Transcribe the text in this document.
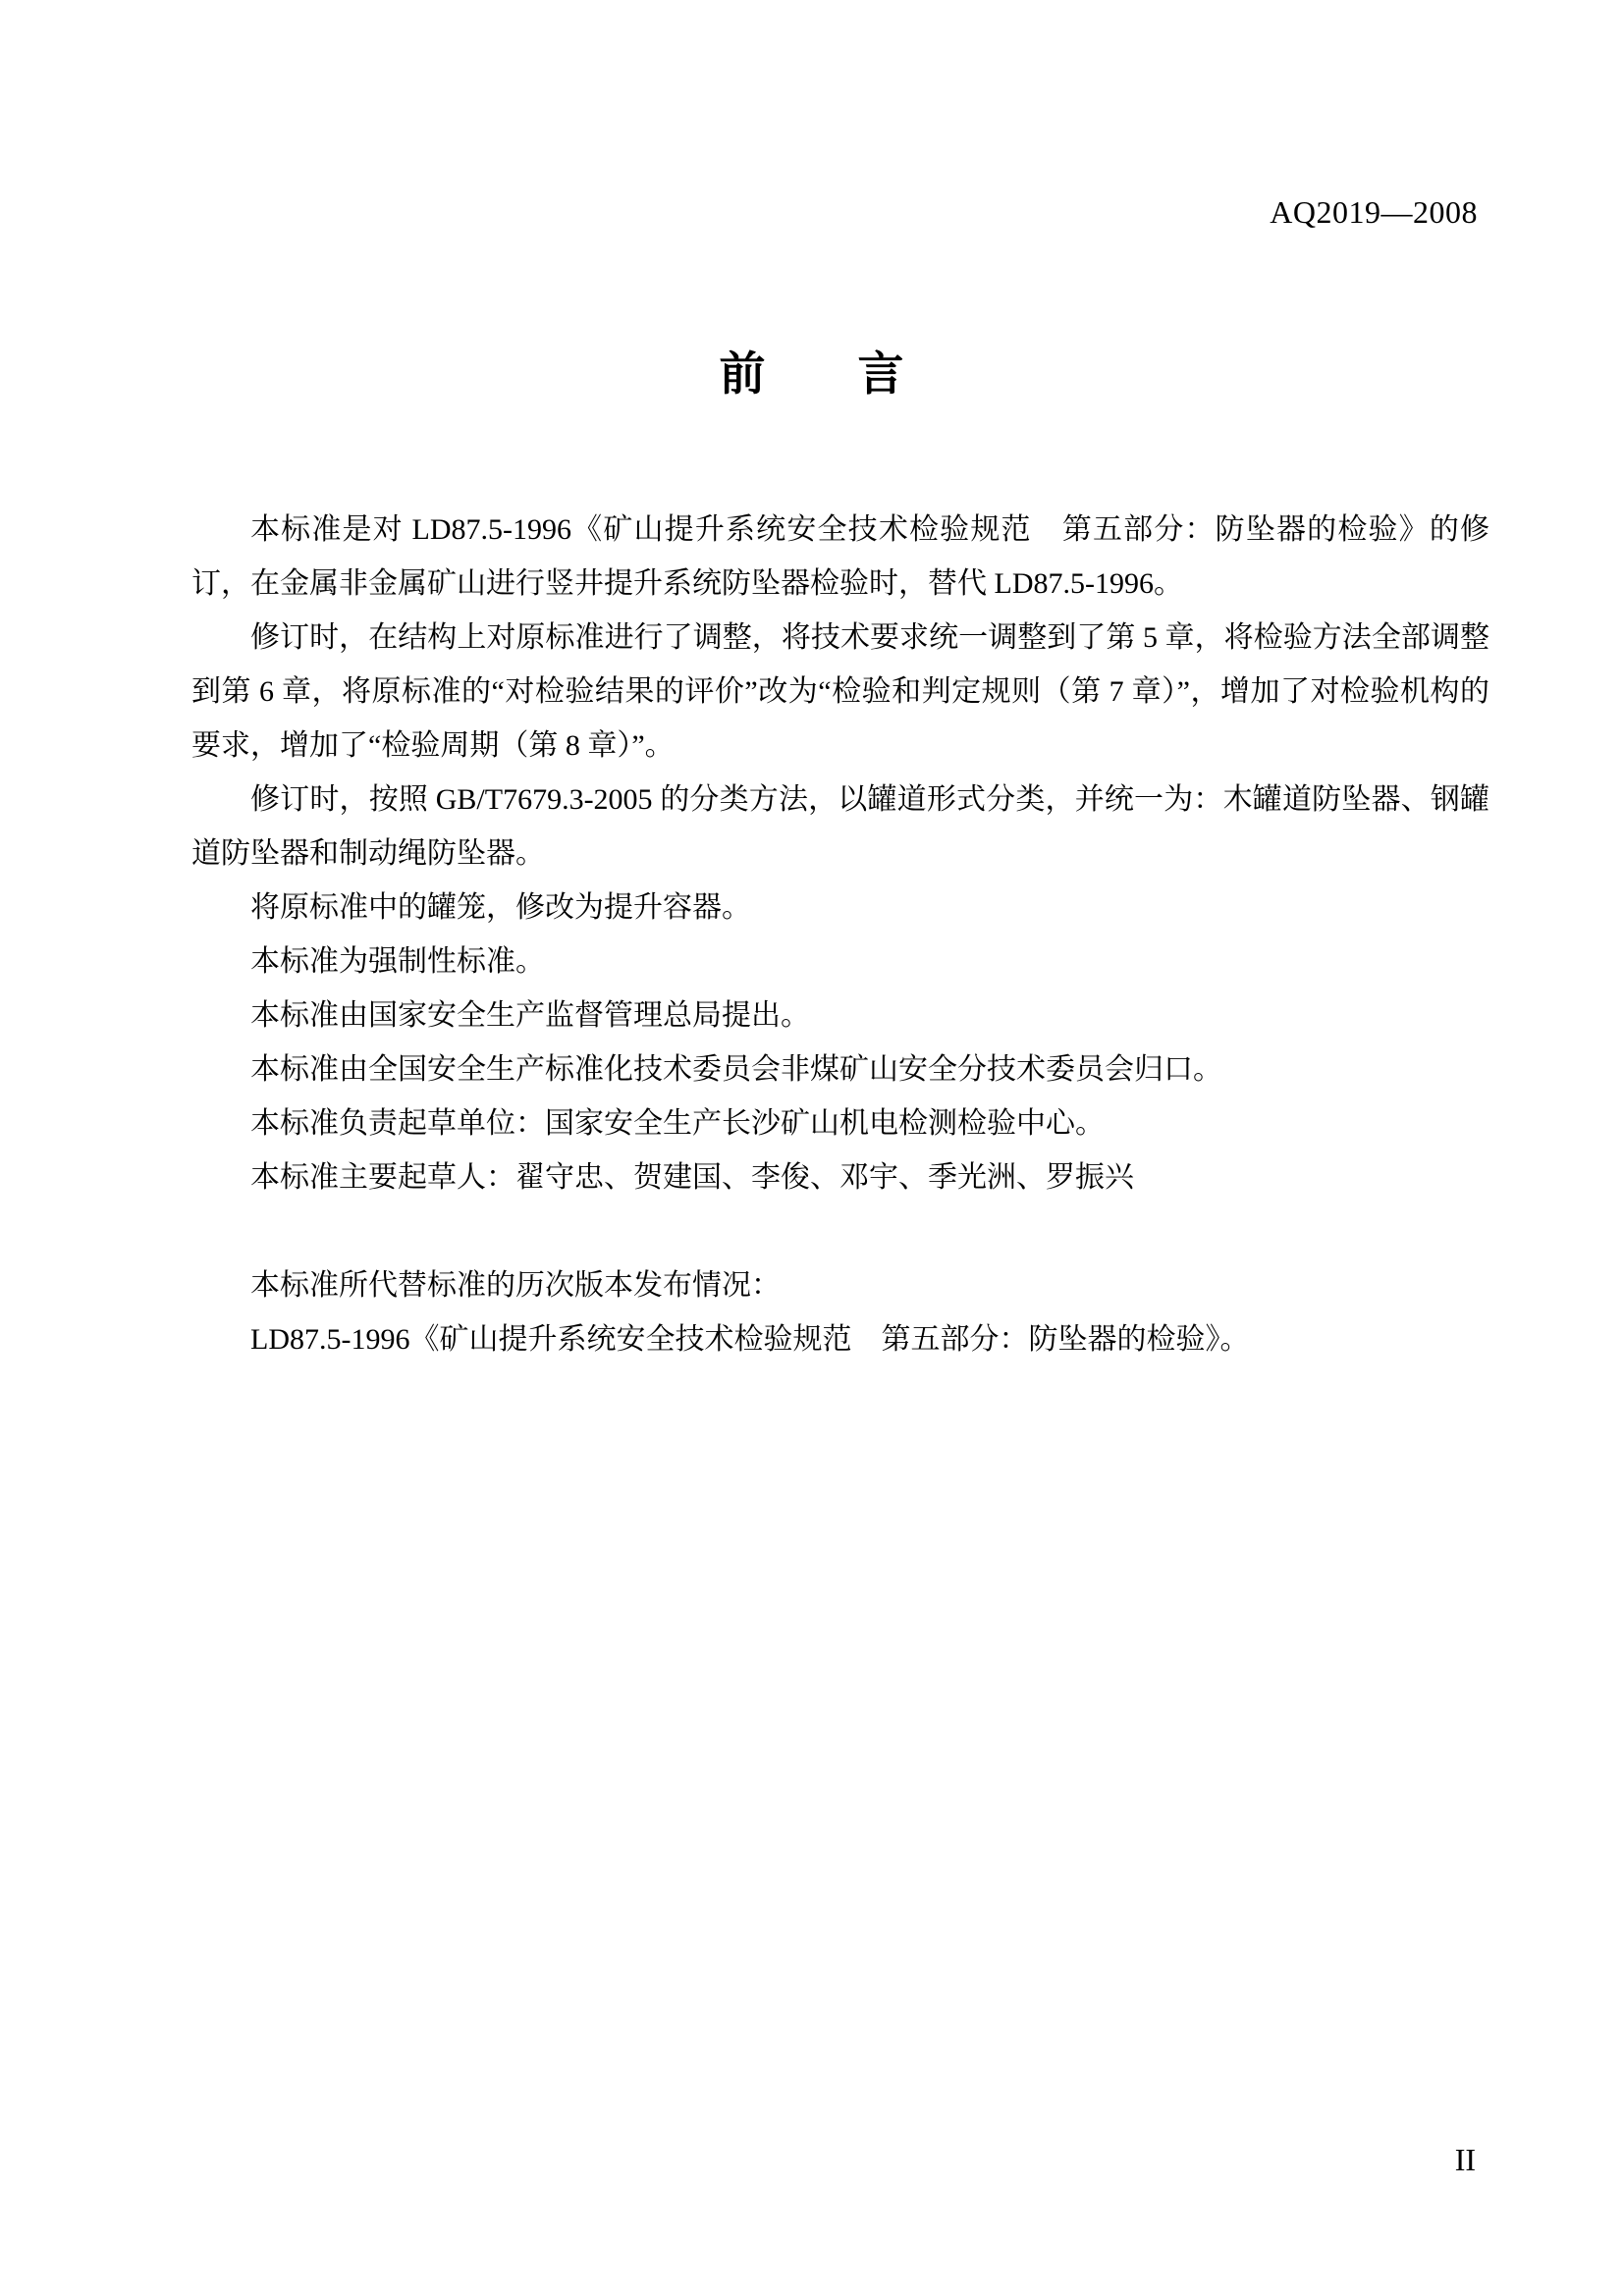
AQ2019—2008
前　　言

本标准是对 LD87.5-1996《矿山提升系统安全技术检验规范　第五部分：防坠器的检验》的修订，在金属非金属矿山进行竖井提升系统防坠器检验时，替代 LD87.5-1996。

修订时，在结构上对原标准进行了调整，将技术要求统一调整到了第 5 章，将检验方法全部调整到第 6 章，将原标准的“对检验结果的评价”改为“检验和判定规则（第 7 章）”，增加了对检验机构的要求，增加了“检验周期（第 8 章）”。

修订时，按照 GB/T7679.3-2005 的分类方法，以罐道形式分类，并统一为：木罐道防坠器、钢罐道防坠器和制动绳防坠器。

将原标准中的罐笼，修改为提升容器。

本标准为强制性标准。

本标准由国家安全生产监督管理总局提出。

本标准由全国安全生产标准化技术委员会非煤矿山安全分技术委员会归口。

本标准负责起草单位：国家安全生产长沙矿山机电检测检验中心。

本标准主要起草人：翟守忠、贺建国、李俊、邓宇、季光洲、罗振兴

本标准所代替标准的历次版本发布情况：

LD87.5-1996《矿山提升系统安全技术检验规范　第五部分：防坠器的检验》。

II
